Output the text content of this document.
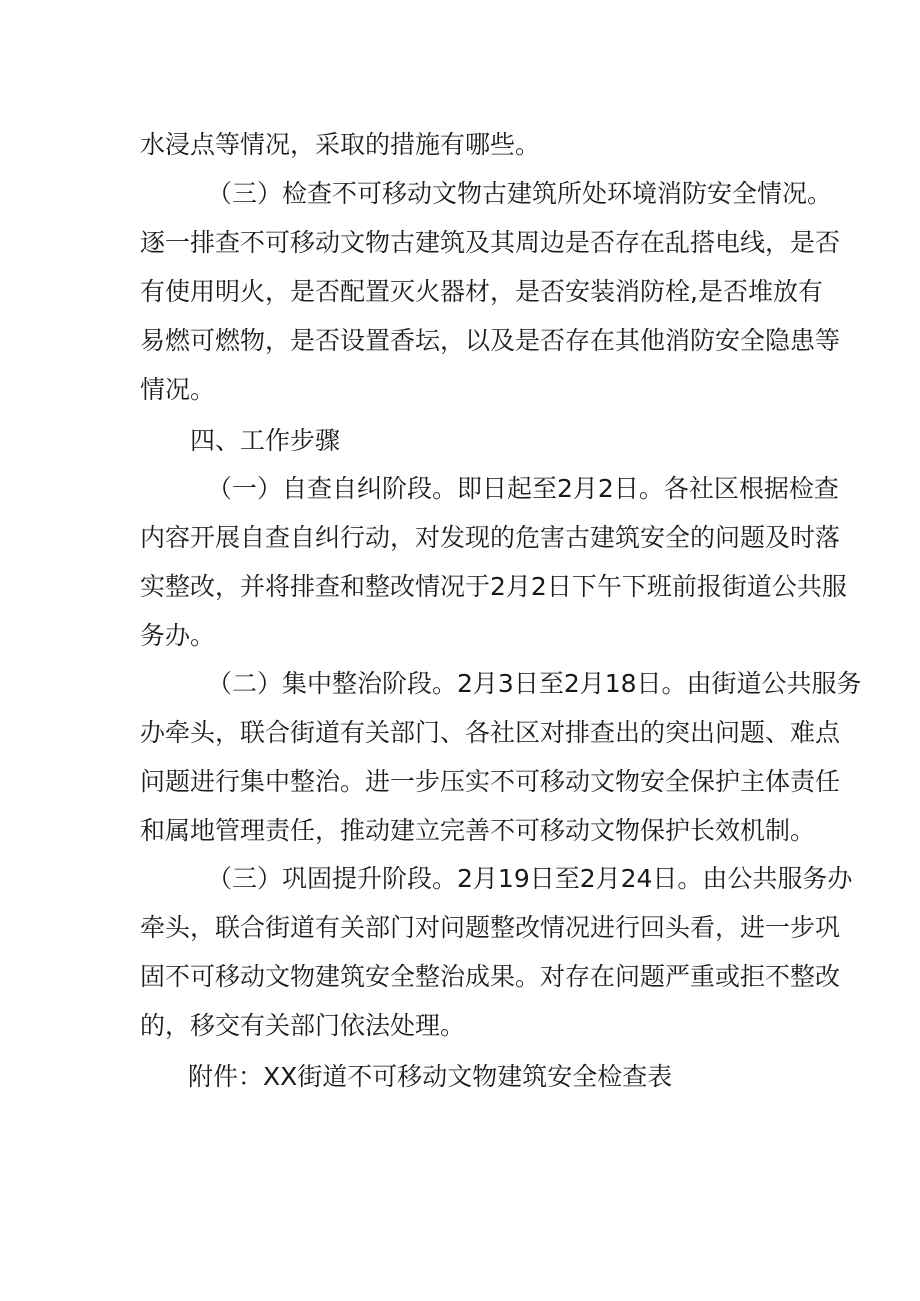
水浸点等情况，采取的措施有哪些。
（三）检查不可移动文物古建筑所处环境消防安全情况。
逐一排查不可移动文物古建筑及其周边是否存在乱搭电线，是否
有使用明火，是否配置灭火器材，是否安装消防栓,是否堆放有
易燃可燃物，是否设置香坛，以及是否存在其他消防安全隐患等
情况。
四、工作步骤
（一）自查自纠阶段。即日起至2月2日。各社区根据检查
内容开展自查自纠行动，对发现的危害古建筑安全的问题及时落
实整改，并将排查和整改情况于2月2日下午下班前报街道公共服
务办。
（二）集中整治阶段。2月3日至2月18日。由街道公共服务
办牵头，联合街道有关部门、各社区对排查出的突出问题、难点
问题进行集中整治。进一步压实不可移动文物安全保护主体责任
和属地管理责任，推动建立完善不可移动文物保护长效机制。
（三）巩固提升阶段。2月19日至2月24日。由公共服务办
牵头，联合街道有关部门对问题整改情况进行回头看，进一步巩
固不可移动文物建筑安全整治成果。对存在问题严重或拒不整改
的，移交有关部门依法处理。
附件：XX街道不可移动文物建筑安全检查表
